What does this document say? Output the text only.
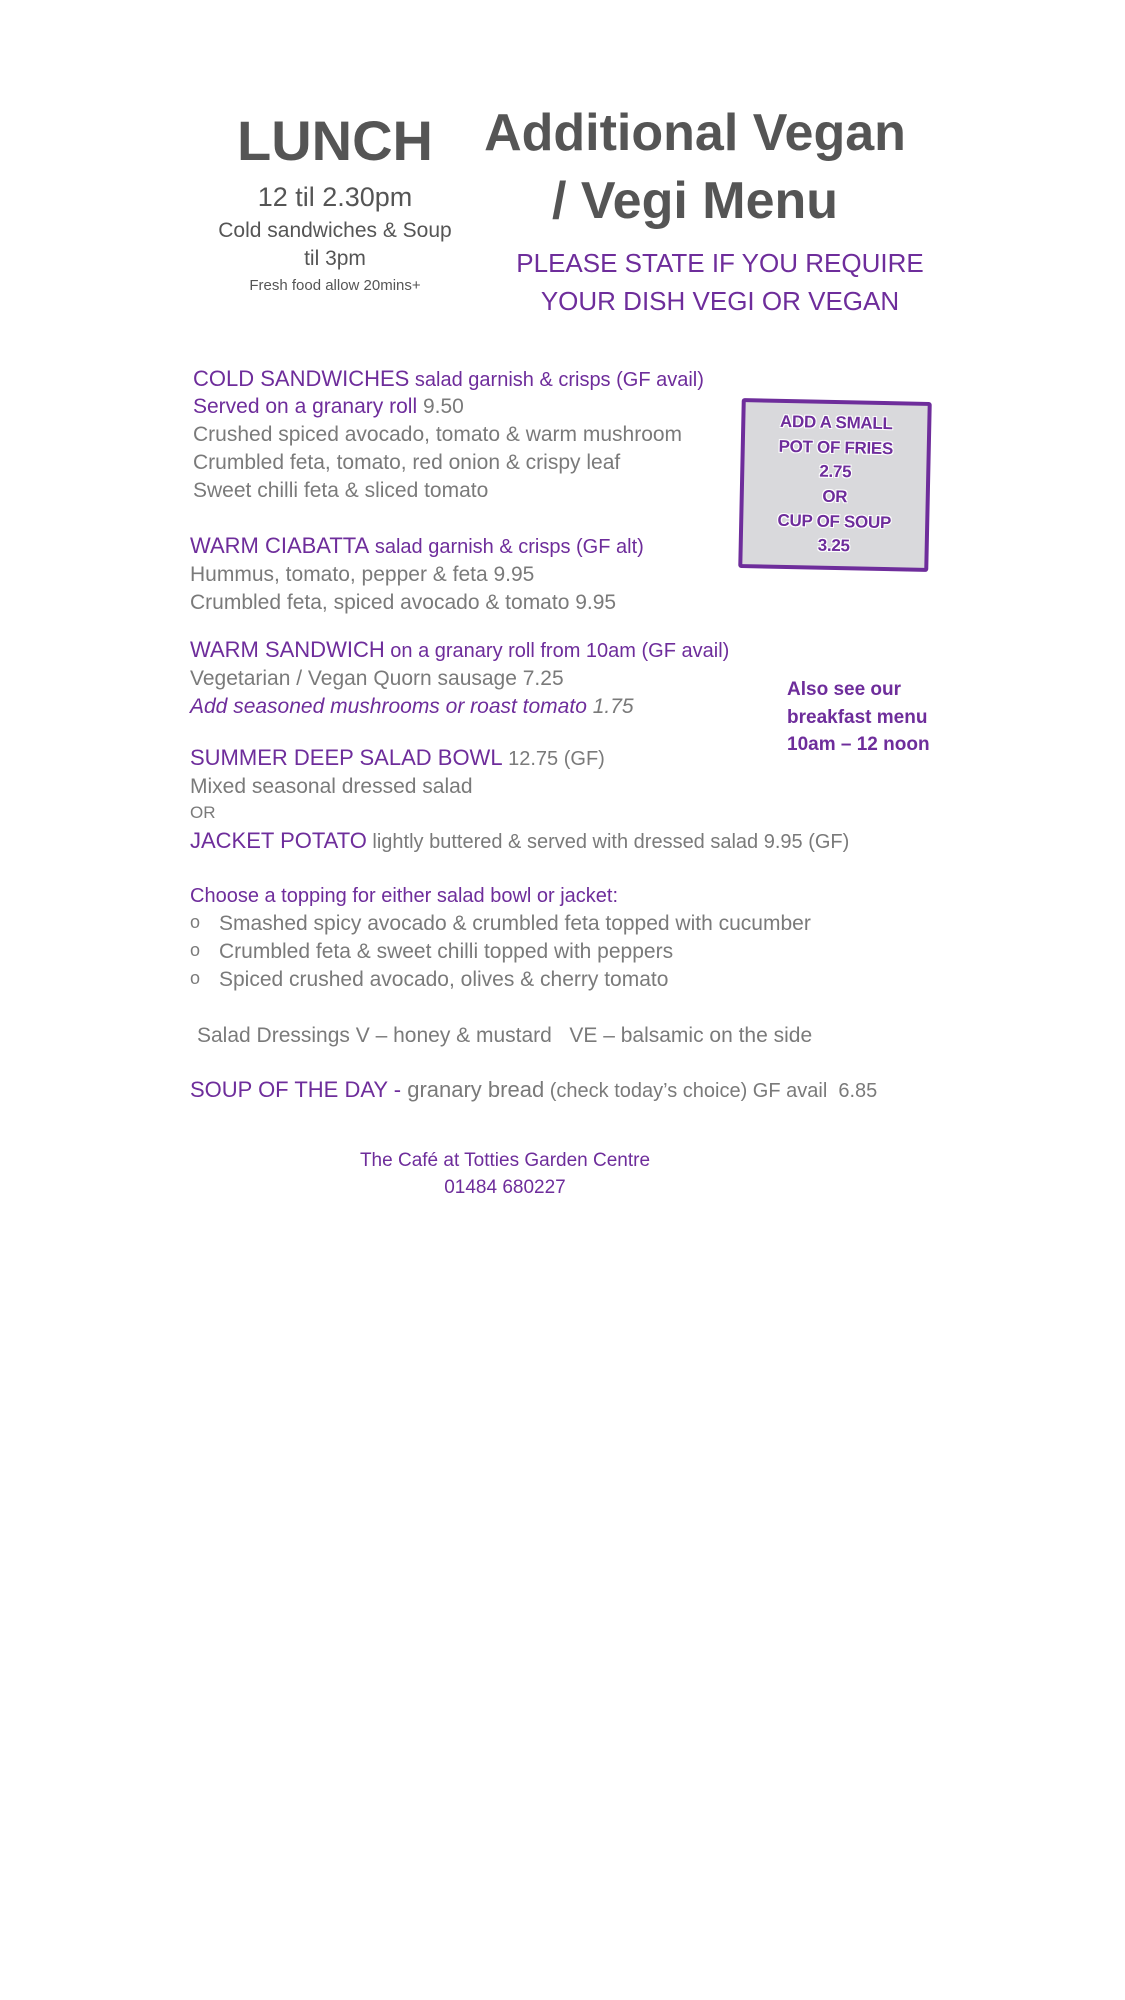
LUNCH
12 til 2.30pm
Cold sandwiches & Soup
til 3pm
Fresh food allow 20mins+
Additional Vegan
/ Vegi Menu
PLEASE STATE IF YOU REQUIRE
YOUR DISH VEGI OR VEGAN
COLD SANDWICHES salad garnish & crisps (GF avail)
Served on a granary roll 9.50
Crushed spiced avocado, tomato & warm mushroom
Crumbled feta, tomato, red onion & crispy leaf
Sweet chilli feta & sliced tomato
ADD A SMALL
POT OF FRIES
2.75
OR
CUP OF SOUP
3.25
WARM CIABATTA salad garnish & crisps (GF alt)
Hummus, tomato, pepper & feta 9.95
Crumbled feta, spiced avocado & tomato 9.95
WARM SANDWICH on a granary roll from 10am (GF avail)
Vegetarian / Vegan Quorn sausage 7.25
Add seasoned mushrooms or roast tomato 1.75
Also see our
breakfast menu
10am – 12 noon
SUMMER DEEP SALAD BOWL 12.75 (GF)
Mixed seasonal dressed salad
OR
JACKET POTATO lightly buttered & served with dressed salad 9.95 (GF)
Choose a topping for either salad bowl or jacket:
o Smashed spicy avocado & crumbled feta topped with cucumber
o Crumbled feta & sweet chilli topped with peppers
o Spiced crushed avocado, olives & cherry tomato
Salad Dressings V – honey & mustard   VE – balsamic on the side
SOUP OF THE DAY - granary bread (check today’s choice) GF avail  6.85
The Café at Totties Garden Centre
01484 680227
